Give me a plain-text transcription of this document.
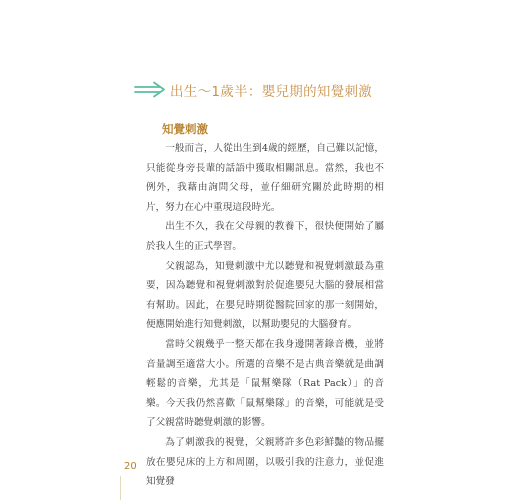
出生～1歲半：嬰兒期的知覺刺激
知覺刺激

一般而言，人從出生到4歲的經歷，自己難以記憶，只能從身旁長輩的話語中獲取相關訊息。當然，我也不例外，我藉由詢問父母，並仔細研究關於此時期的相片，努力在心中重現這段時光。

出生不久，我在父母親的教養下，很快便開始了屬於我人生的正式學習。

父親認為，知覺刺激中尤以聽覺和視覺刺激最為重要，因為聽覺和視覺刺激對於促進嬰兒大腦的發展相當有幫助。因此，在嬰兒時期從醫院回家的那一刻開始，便應開始進行知覺刺激，以幫助嬰兒的大腦發育。

當時父親幾乎一整天都在我身邊開著錄音機，並將音量調至適當大小。所選的音樂不是古典音樂就是曲調輕鬆的音樂，尤其是「鼠幫樂隊（Rat Pack）」的音樂。今天我仍然喜歡「鼠幫樂隊」的音樂，可能就是受了父親當時聽覺刺激的影響。

為了刺激我的視覺，父親將許多色彩鮮豔的物品擺放在嬰兒床的上方和周圍，以吸引我的注意力，並促進知覺發

20
